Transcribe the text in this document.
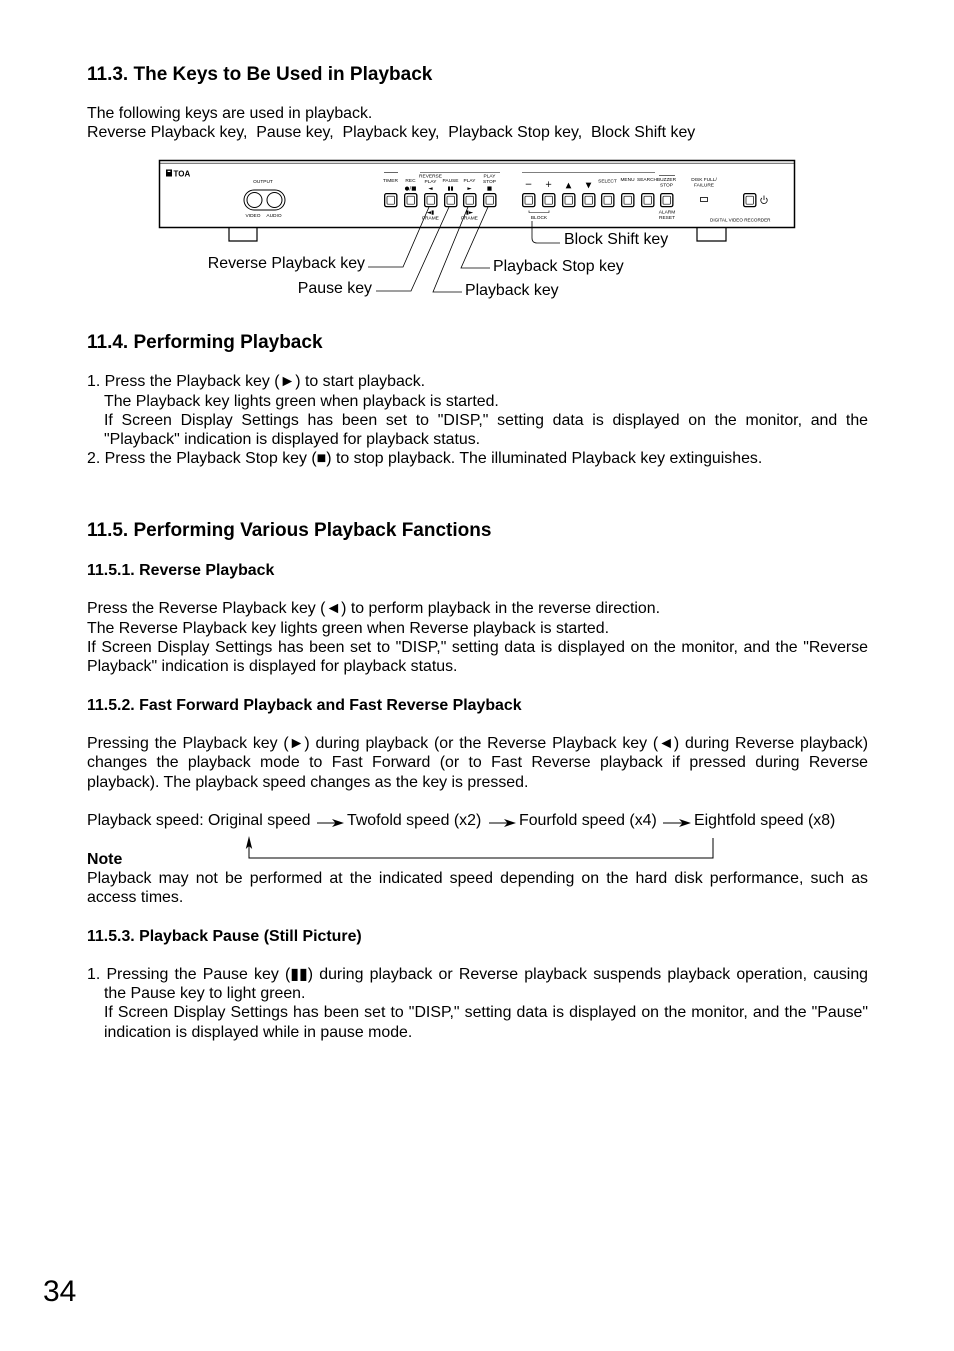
11.3. The Keys to Be Used in Playback
The following keys are used in playback.
Reverse Playback key,  Pause key,  Playback key,  Playback Stop key,  Block Shift key
TOA
OUTPUT
VIDEO AUDIO
TIMER REC
●/■
REVERSE
PLAY
◄
PAUSE
▮▮
PLAY
►
PLAY
STOP
■
◄▮
FRAME
▮►
FRAME
− + ▲ ▼ SELECT MENU SEARCH BUZZER
STOP
BLOCK
ALARM
RESET
DISK FULL/
FAILURE
DIGITAL VIDEO RECORDER
Block Shift key
Reverse Playback key	Playback Stop key
Pause key	Playback key
11.4. Performing Playback
1. Press the Playback key (►) to start playback.
The Playback key lights green when playback is started.
If Screen Display Settings has been set to "DISP," setting data is displayed on the monitor, and the
"Playback" indication is displayed for playback status.
2. Press the Playback Stop key (■) to stop playback. The illuminated Playback key extinguishes.
11.5. Performing Various Playback Fanctions
11.5.1. Reverse Playback
Press the Reverse Playback key (◄) to perform playback in the reverse direction.
The Reverse Playback key lights green when Reverse playback is started.
If Screen Display Settings has been set to "DISP," setting data is displayed on the monitor, and the "Reverse
Playback" indication is displayed for playback status.
11.5.2. Fast Forward Playback and Fast Reverse Playback
Pressing the Playback key (►) during playback (or the Reverse Playback key (◄) during Reverse playback)
changes the playback mode to Fast Forward (or to Fast Reverse playback if pressed during Reverse
playback). The playback speed changes as the key is pressed.
Playback speed: Original speed Twofold speed (x2) Fourfold speed (x4) Eightfold speed (x8)
Note
Playback may not be performed at the indicated speed depending on the hard disk performance, such as
access times.
11.5.3. Playback Pause (Still Picture)
1. Pressing the Pause key (▮▮) during playback or Reverse playback suspends playback operation, causing
the Pause key to light green.
If Screen Display Settings has been set to "DISP," setting data is displayed on the monitor, and the "Pause"
indication is displayed while in pause mode.
34
